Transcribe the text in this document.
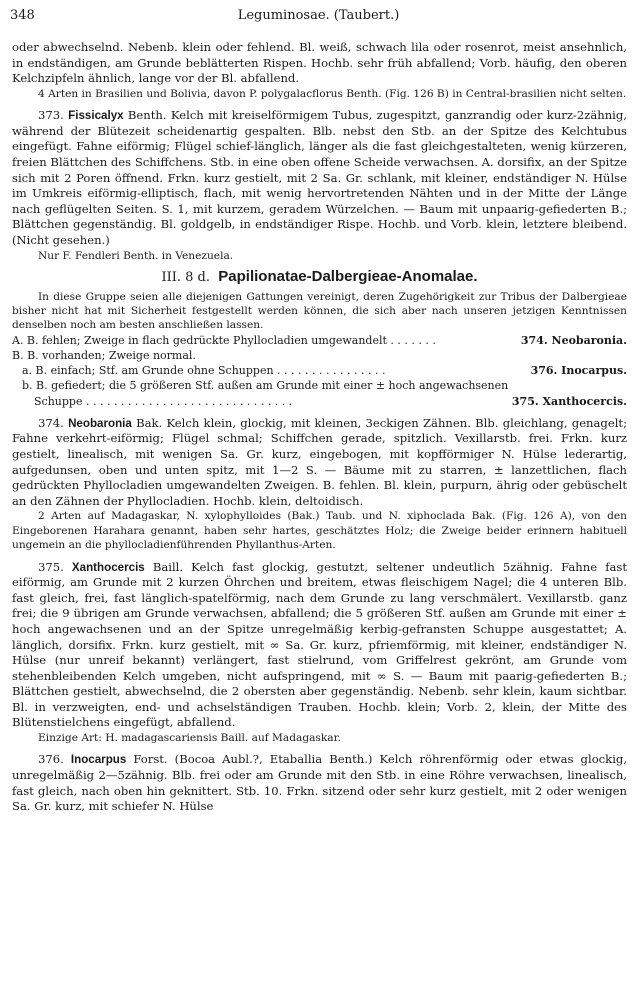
348	Leguminosae. (Taubert.)

oder abwechselnd. Nebenb. klein oder fehlend. Bl. weiß, schwach lila oder rosenrot, meist ansehnlich, in endständigen, am Grunde beblätterten Rispen. Hochb. sehr früh abfallend; Vorb. häufig, den oberen Kelchzipfeln ähnlich, lange vor der Bl. abfallend.

4 Arten in Brasilien und Bolivia, davon P. polygalacflorus Benth. (Fig. 126 B) in Central-brasilien nicht selten.

373. Fissicalyx Benth. Kelch mit kreiselförmigem Tubus, zugespitzt, ganzrandig oder kurz-2zähnig, während der Blütezeit scheidenartig gespalten. Blb. nebst den Stb. an der Spitze des Kelchtubus eingefügt. Fahne eiförmig; Flügel schief-länglich, länger als die fast gleichgestalteten, wenig kürzeren, freien Blättchen des Schiffchens. Stb. in eine oben offene Scheide verwachsen. A. dorsifix, an der Spitze sich mit 2 Poren öffnend. Frkn. kurz gestielt, mit 2 Sa. Gr. schlank, mit kleiner, endständiger N. Hülse im Umkreis eiförmig-elliptisch, flach, mit wenig hervortretenden Nähten und in der Mitte der Länge nach geflügelten Seiten. S. 1, mit kurzem, geradem Würzelchen. — Baum mit unpaarig-gefiederten B.; Blättchen gegenständig. Bl. goldgelb, in endständiger Rispe. Hochb. und Vorb. klein, letztere bleibend. (Nicht gesehen.)

Nur F. Fendleri Benth. in Venezuela.

III. 8 d. Papilionatae-Dalbergieae-Anomalae.

In diese Gruppe seien alle diejenigen Gattungen vereinigt, deren Zugehörigkeit zur Tribus der Dalbergieae bisher nicht hat mit Sicherheit festgestellt werden können, die sich aber nach unseren jetzigen Kenntnissen denselben noch am besten anschließen lassen.

A. B. fehlen; Zweige in flach gedrückte Phyllocladien umgewandelt . . . . . . .	374. Neobaronia.
B. B. vorhanden; Zweige normal.
a. B. einfach; Stf. am Grunde ohne Schuppen . . . . . . . . . . . . . . . .	376. Inocarpus.
b. B. gefiedert; die 5 größeren Stf. außen am Grunde mit einer ± hoch angewachsenen
Schuppe . . . . . . . . . . . . . . . . . . . . . . . . . . . . . .	375. Xanthocercis.

374. Neobaronia Bak. Kelch klein, glockig, mit kleinen, 3eckigen Zähnen. Blb. gleichlang, genagelt; Fahne verkehrt-eiförmig; Flügel schmal; Schiffchen gerade, spitzlich. Vexillarstb. frei. Frkn. kurz gestielt, linealisch, mit wenigen Sa. Gr. kurz, eingebogen, mit kopfförmiger N. Hülse lederartig, aufgedunsen, oben und unten spitz, mit 1—2 S. — Bäume mit zu starren, ± lanzettlichen, flach gedrückten Phyllocladien umgewandelten Zweigen. B. fehlen. Bl. klein, purpurn, ährig oder gebüschelt an den Zähnen der Phyllocladien. Hochb. klein, deltoidisch.

2 Arten auf Madagaskar, N. xylophylloides (Bak.) Taub. und N. xiphoclada Bak. (Fig. 126 A), von den Eingeborenen Harahara genannt, haben sehr hartes, geschätztes Holz; die Zweige beider erinnern habituell ungemein an die phyllocladienführenden Phyllanthus-Arten.

375. Xanthocercis Baill. Kelch fast glockig, gestutzt, seltener undeutlich 5zähnig. Fahne fast eiförmig, am Grunde mit 2 kurzen Öhrchen und breitem, etwas fleischigem Nagel; die 4 unteren Blb. fast gleich, frei, fast länglich-spatelförmig, nach dem Grunde zu lang verschmälert. Vexillarstb. ganz frei; die 9 übrigen am Grunde verwachsen, abfallend; die 5 größeren Stf. außen am Grunde mit einer ± hoch angewachsenen und an der Spitze unregelmäßig kerbig-gefransten Schuppe ausgestattet; A. länglich, dorsifix. Frkn. kurz gestielt, mit ∞ Sa. Gr. kurz, pfriemförmig, mit kleiner, endständiger N. Hülse (nur unreif bekannt) verlängert, fast stielrund, vom Griffelrest gekrönt, am Grunde vom stehenbleibenden Kelch umgeben, nicht aufspringend, mit ∞ S. — Baum mit paarig-gefiederten B.; Blättchen gestielt, abwechselnd, die 2 obersten aber gegenständig. Nebenb. sehr klein, kaum sichtbar. Bl. in verzweigten, end- und achselständigen Trauben. Hochb. klein; Vorb. 2, klein, der Mitte des Blütenstielchens eingefügt, abfallend.

Einzige Art: H. madagascariensis Baill. auf Madagaskar.

376. Inocarpus Forst. (Bocoa Aubl.?, Etaballia Benth.) Kelch röhrenförmig oder etwas glockig, unregelmäßig 2—5zähnig. Blb. frei oder am Grunde mit den Stb. in eine Röhre verwachsen, linealisch, fast gleich, nach oben hin geknittert. Stb. 10. Frkn. sitzend oder sehr kurz gestielt, mit 2 oder wenigen Sa. Gr. kurz, mit schiefer N. Hülse
